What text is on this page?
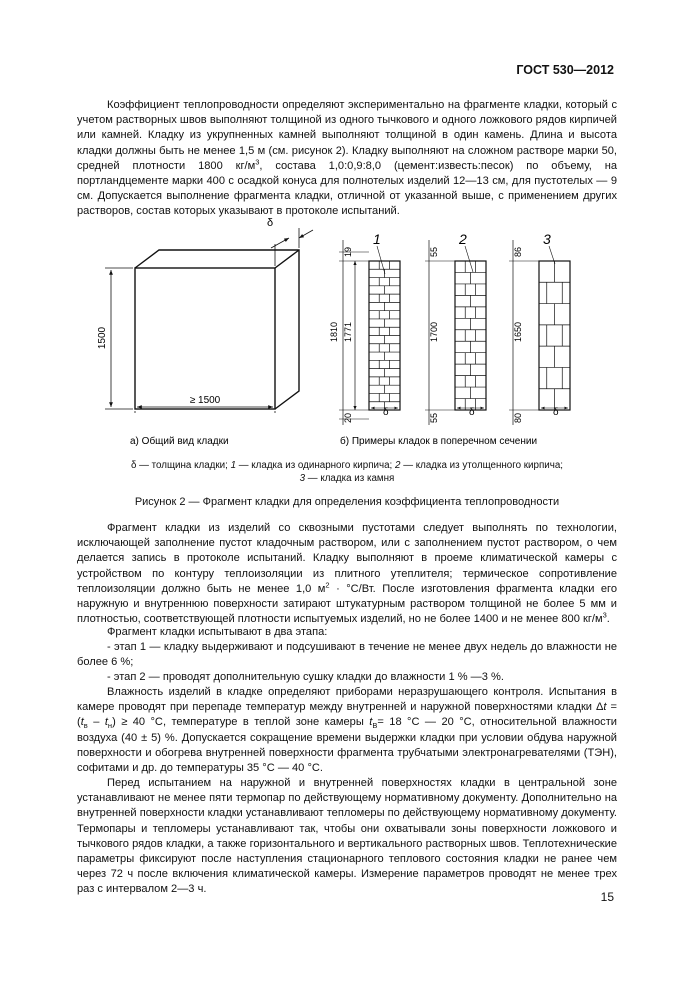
ГОСТ 530—2012

Коэффициент теплопроводности определяют экспериментально на фрагменте кладки, который с учетом растворных швов выполняют толщиной из одного тычкового и одного ложкового рядов кирпичей или камней. Кладку из укрупненных камней выполняют толщиной в один камень. Длина и высота кладки должны быть не менее 1,5 м (см. рисунок 2). Кладку выполняют на сложном растворе марки 50, средней плотности 1800 $кг/м^3$, состава 1,0:0,9:8,0 (цемент:известь:песок) по объему, на портландцементе марки 400 с осадкой конуса для полнотелых изделий 12—13 см, для пустотелых — 9 см. Допускается выполнение фрагмента кладки, отличной от указанной выше, с применением других растворов, состав которых указывают в протоколе испытаний.

δ
1500
≥ 1500
1
19
1810 1771
20	δ
2
55
1700
55	δ
3
86
1650
80	δ
а) Общий вид кладки	б) Примеры кладок в поперечном сечении
δ — толщина кладки; 1 — кладка из одинарного кирпича; 2 — кладка из утолщенного кирпича;
3 — кладка из камня
Рисунок 2 — Фрагмент кладки для определения коэффициента теплопроводности

Фрагмент кладки из изделий со сквозными пустотами следует выполнять по технологии, исключающей заполнение пустот кладочным раствором, или с заполнением пустот раствором, о чем делается запись в протоколе испытаний. Кладку выполняют в проеме климатической камеры с устройством по контуру теплоизоляции из плитного утеплителя; термическое сопротивление теплоизоляции должно быть не менее 1,0 $м^2 \cdot ^\circ С/Вт$. После изготовления фрагмента кладки его наружную и внутреннюю поверхности затирают штукатурным раствором толщиной не более 5 мм и плотностью, соответствующей плотности испытуемых изделий, но не более 1400 и не менее 800 $кг/м^3$.

Фрагмент кладки испытывают в два этапа:

- этап 1 — кладку выдерживают и подсушивают в течение не менее двух недель до влажности не более 6 %;

- этап 2 — проводят дополнительную сушку кладки до влажности 1 % —3 %.

Влажность изделий в кладке определяют приборами неразрушающего контроля. Испытания в камере проводят при перепаде температур между внутренней и наружной поверхностями кладки $\Delta t = (t_в - t_н) \ge 40$ °С, температуре в теплой зоне камеры $t_В= 18$ °С — 20 °С, относительной влажности воздуха (40 ± 5) %. Допускается сокращение времени выдержки кладки при условии обдува наружной поверхности и обогрева внутренней поверхности фрагмента трубчатыми электронагревателями (ТЭН), софитами и др. до температуры 35 °С — 40 °С.

Перед испытанием на наружной и внутренней поверхностях кладки в центральной зоне устанавливают не менее пяти термопар по действующему нормативному документу. Дополнительно на внутренней поверхности кладки устанавливают тепломеры по действующему нормативному документу. Термопары и тепломеры устанавливают так, чтобы они охватывали зоны поверхности ложкового и тычкового рядов кладки, а также горизонтального и вертикального растворных швов. Теплотехнические параметры фиксируют после наступления стационарного теплового состояния кладки не ранее чем через 72 ч после включения климатической камеры. Измерение параметров проводят не менее трех раз с интервалом 2—3 ч.

15
